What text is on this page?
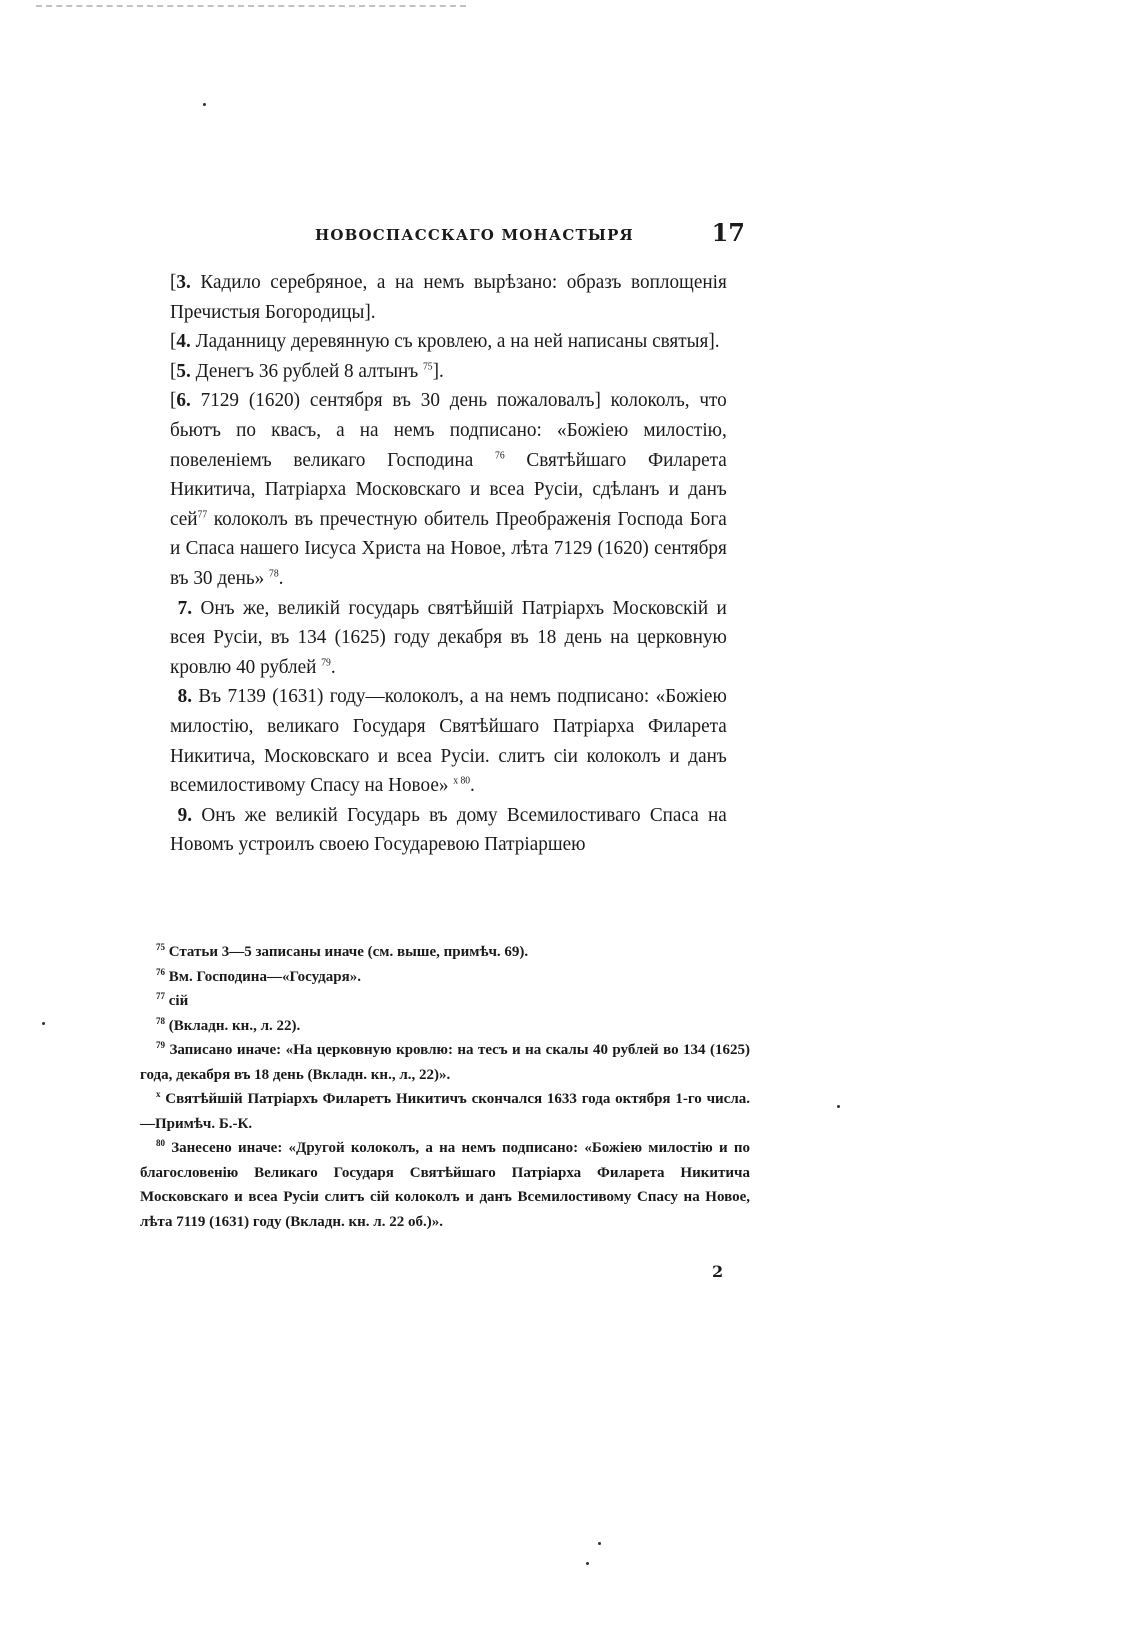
НОВОСПАССКАГО МОНАСТЫРЯ	17

[3. Кадило серебряное, а на немъ вырѣзано: образъ воплощенія Пречистыя Богородицы].

[4. Ладанницу деревянную съ кровлею, а на ней написаны святыя].

[5. Денегъ 36 рублей 8 алтынъ $^{75}$].

[6. 7129 (1620) сентября въ 30 день пожаловалъ] колоколъ, что бьютъ по квасъ, а на немъ подписано: «Божіею милостію, повеленіемъ великаго Господина $^{76}$ Святѣйшаго Филарета Никитича, Патріарха Московскаго и всеа Русіи, сдѣланъ и данъ сей$^{77}$ колоколъ въ пречестную обитель Преображенія Господа Бога и Спаса нашего Іисуса Христа на Новое, лѣта 7129 (1620) сентября въ 30 день» $^{78}$.

7. Онъ же, великій государь святѣйшій Патріархъ Московскій и всея Русіи, въ 134 (1625) году декабря въ 18 день на церковную кровлю 40 рублей $^{79}$.

8. Въ 7139 (1631) году—колоколъ, а на немъ подписано: «Божіею милостію, великаго Государя Святѣйшаго Патріарха Филарета Никитича, Московскаго и всеа Русіи. слитъ сіи колоколъ и данъ всемилостивому Спасу на Новое» $^{x 80}$.

9. Онъ же великій Государь въ дому Всемилостиваго Спаса на Новомъ устроилъ своею Государевою Патріаршею

$^{75}$ Статьи 3—5 записаны иначе (см. выше, примѣч. 69).

$^{76}$ Вм. Господина—«Государя».

$^{77}$ сій

$^{78}$ (Вкладн. кн., л. 22).

$^{79}$ Записано иначе: «На церковную кровлю: на тесъ и на скалы 40 рублей во 134 (1625) года, декабря въ 18 день (Вкладн. кн., л., 22)».

$^x$ Святѣйшій Патріархъ Филаретъ Никитичъ скончался 1633 года октября 1-го числа.—Примѣч. Б.-К.

$^{80}$ Занесено иначе: «Другой колоколъ, а на немъ подписано: «Божіею милостію и по благословенію Великаго Государя Святѣйшаго Патріарха Филарета Никитича Московскаго и всеа Русіи слитъ сій колоколъ и данъ Всемилостивому Спасу на Новое, лѣта 7119 (1631) году (Вкладн. кн. л. 22 об.)».

2
